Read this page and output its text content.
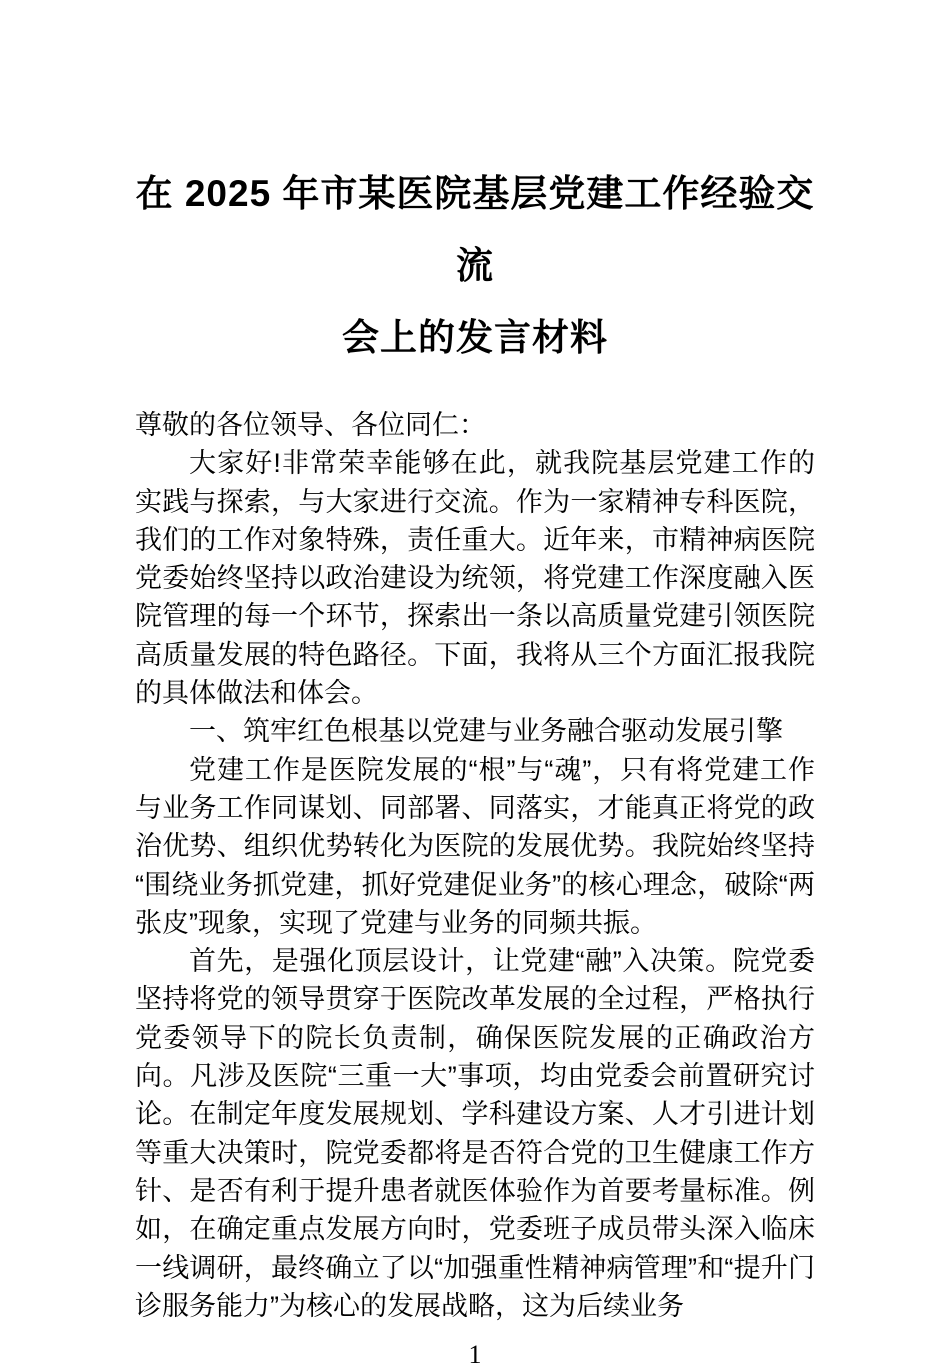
在 2025 年市某医院基层党建工作经验交流
会上的发言材料

尊敬的各位领导、各位同仁：

大家好!非常荣幸能够在此，就我院基层党建工作的实践与探索，与大家进行交流。作为一家精神专科医院，我们的工作对象特殊，责任重大。近年来，市精神病医院党委始终坚持以政治建设为统领，将党建工作深度融入医院管理的每一个环节，探索出一条以高质量党建引领医院高质量发展的特色路径。下面，我将从三个方面汇报我院的具体做法和体会。

一、筑牢红色根基以党建与业务融合驱动发展引擎

党建工作是医院发展的“根”与“魂”，只有将党建工作与业务工作同谋划、同部署、同落实，才能真正将党的政治优势、组织优势转化为医院的发展优势。我院始终坚持“围绕业务抓党建，抓好党建促业务”的核心理念，破除“两张皮”现象，实现了党建与业务的同频共振。

首先，是强化顶层设计，让党建“融”入决策。院党委坚持将党的领导贯穿于医院改革发展的全过程，严格执行党委领导下的院长负责制，确保医院发展的正确政治方向。凡涉及医院“三重一大”事项，均由党委会前置研究讨论。在制定年度发展规划、学科建设方案、人才引进计划等重大决策时，院党委都将是否符合党的卫生健康工作方针、是否有利于提升患者就医体验作为首要考量标准。例如，在确定重点发展方向时，党委班子成员带头深入临床一线调研，最终确立了以“加强重性精神病管理”和“提升门诊服务能力”为核心的发展战略，这为后续业务

1
